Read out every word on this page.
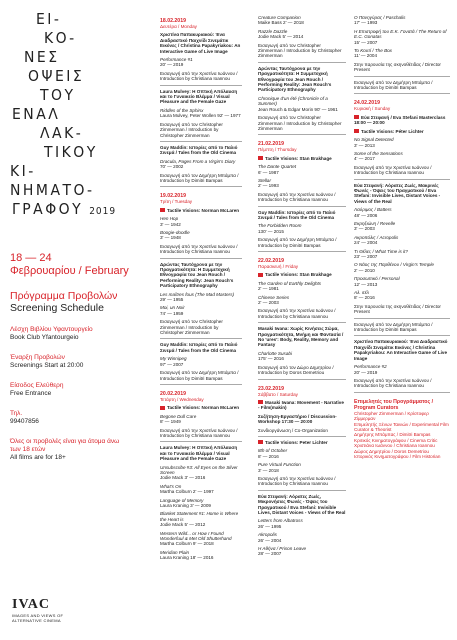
ΕΙ-
ΚΟ-
ΝΕΣ
ΟΨΕΙΣ
ΤΟΥ
ΕΝΑΛ
ΛΑΚ-
ΤΙΚΟΥ
ΚΙ-
ΝΗΜΑΤΟ-
ΓΡΑΦΟΥ 2019
18 — 24
Φεβρουαρίου / February
Πρόγραμμα Προβολών
Screening Schedule
Λέσχη Βιβλίου Υφαντουργείο
Book Club Yfantourgeio
Έναρξη Προβολών
Screenings Start at 20:00
Είσοδος Ελεύθερη
Free Entrance
Τηλ.
99407856
Όλες οι προβολές είναι για άτομα άνω των 18 ετών
All films are for 18+
IVAC
IMAGES AND VIEWS OF ALTERNATIVE CINEMA
18.02.2019
Δευτέρα / Monday
Χριστίνα Παπακυριακού: Ένα Διαδραστικό Παιχνίδι Σινεμάτικ Εικόνες / Christina Papakyriakou: An Interactive Game of Live Image
Performance #1
20' — 2019
Εισαγωγή από την Χριστίνα Ιωάννου / Introduction by Christiana Ioannou
Laura Mulvey: Η Οπτική Απόλαυση και το Γυναικείο Βλέμμα / Visual Pleasure and the Female Gaze
Riddles of the Sphinx
Laura Mulvey, Peter Wollen 92' — 1977
Εισαγωγή από τον Christopher Zimmerman / Introduction by Christopher Zimmerman
Guy Maddin: Ιστορίες από το Παλιό Σινεμά / Tales from the Old Cinema
Dracula, Pages From a Virgin's Diary
70' — 2002
Εισαγωγή από τον Δημήτρη Μπάμπα / Introduction by Dimitri Bampas
19.02.2019
Τρίτη / Tuesday
Tactile Visions: Norman McLaren
Hen Hop
3' — 1942
Boogie-doodle
3' — 1948
Εισαγωγή από την Χριστίνα Ιωάννου / Introduction by Christiana Ioannou
Δρώντας Ταυτόχρονα με την Πραγματικότητα: Η Συμμετοχική Εθνογραφία του Jean Rouch / Performing Reality: Jean Rouch's Participatory Ethnography
Les maîtres fous (The Mad Masters)
29' — 1955
Moi, un Noir
74' — 1959
Εισαγωγή από τον Christopher Zimmerman / Introduction by Christopher Zimmerman
Guy Maddin: Ιστορίες από το Παλιό Σινεμά / Tales from the Old Cinema
My Winnipeg
97' — 2007
Εισαγωγή από τον Δημήτρη Μπάμπα / Introduction by Dimitri Bampas
20.02.2019
Τετάρτη / Wednesday
Tactile Visions: Norman McLaren
Begone Dull Care
8' — 1949
Εισαγωγή από την Χριστίνα Ιωάννου / Introduction by Christiana Ioannou
Laura Mulvey: Η Οπτική Απόλαυση και το Γυναικείο Βλέμμα / Visual Pleasure and the Female Gaze
Unsubscribe #3: All Eyes on the Silver Screen
Jodie Mack 3' — 2016
What's On
Martha Colburn 2' — 1997
Language of Memory
Laura Kraning 3' — 2009
Blanket Statement #1: Home is Where the Heart is
Jodie Mack 5' — 2012
Western Wild... or How I Found Wonderfuul & Met Old Shutterhand
Martha Colburn 9' — 2018
Meridian Plain
Laura Kraning 18' — 2016
Creature Companion
Maike Bass 2' — 2018
Razzle Dazzle
Jodie Mack 5' — 2014
Εισαγωγή από τον Christopher Zimmerman / Introduction by Christopher Zimmerman
Δρώντας Ταυτόχρονα με την Πραγματικότητα: Η Συμμετοχική Εθνογραφία του Jean Rouch / Performing Reality: Jean Rouch's Participatory Ethnography
Chronique d'un été (Chronicle of a Summer)
Jean Rouch & Edgar Morin 90' — 1961
Εισαγωγή από τον Christopher Zimmerman / Introduction by Christopher Zimmerman
21.02.2019
Πέμπτη / Thursday
Tactile Visions: Stan Brakhage
The Dante Quartet
6' — 1987
Stellar
2' — 1993
Εισαγωγή από την Χριστίνα Ιωάννου / Introduction by Christiana Ioannou
Guy Maddin: Ιστορίες από το Παλιό Σινεμά / Tales from the Old Cinema
The Forbidden Room
130' — 2015
Εισαγωγή από τον Δημήτρη Μπάμπα / Introduction by Dimitri Bampas
22.02.2019
Παρασκευή / Friday
Tactile Visions: Stan Brakhage
The Garden of Earthly Delights
2' — 1981
Chinese Series
2' — 2003
Εισαγωγή από την Χριστίνα Ιωάννου / Introduction by Christiana Ioannou
Masaki Iwana: Χωρίς Κινήσεις Σώμα, Πραγματικότητα, Μνήμη και Φαντασία / No 'ures': Body, Reality, Memory and Fantasy
Charlotte Susabi
175' — 2016
Εισαγωγή από τον Δώρο Δημητρίου / Introduction by Doros Demetriou
23.02.2019
Σάββατο / Saturday
Masaki Iwana: Movement - Narrative - Film(makin)
Συζήτηση-Εργαστήριο / Discussion-Workshop 17:30 — 20:00
Συνδιοργάνωση / Co-Organization
Tactile Visions: Peter Lichter
8th of October
8' — 2016
Pure Virtual Function
3' — 2018
Εισαγωγή από την Χριστίνα Ιωάννου / Introduction by Christiana Ioannou
Εύα Στεφανή: Αόρατες Ζωές, Μικρονήσιες Φωνές - Όψεις του Πραγματικού / Eva Stefani: Invisible Lives, Distant Voices - Views of the Real
Letters from Albatross
26' — 1995
Akropolis
26' — 2004
Η Αθήνα / Prison Leave
28' — 2007
Ο Πανηγύρας / Paschalis
17' — 1993
Η Επιστροφή του Ε.Κ. Γονατά / The Return of E.C. Gonatas
15' — 2007
Το Κουτί / The Box
11' — 2004
Στην παρουσία της σκηνοθέτιδας / Director Present
Εισαγωγή από τον Δημήτρη Μπάμπα / Introduction by Dimitri Bampas
24.02.2019
Κυριακή / Sunday
Εύα Στεφανή / Eva Stefani Masterclass 18:00 — 20:00
Tactile Visions: Péter Lichter
No Signal Detected
3' — 2013
Some of the Sensations
4' — 2017
Εισαγωγή από την Χριστίνα Ιωάννου / Introduction by Christiana Ioannou
Εύα Στεφανή: Αόρατες Ζωές, Μακρινές Φωνές - Όψεις του Πραγματικού / Eva Stefani: Invisible Lives, Distant Voices - Views of the Real
Λαύριμος / Batters
48' — 2006
Εκρηξιώνη / Revelle
3' — 2003
Ακροπόλις / Acropolis
24' — 2004
Τι Θέλει; / What Time is it?
23' — 2007
Ο Νάος της Παρθένου / Virgin's Temple
2' — 2010
Προσωπικό / Personal
12' — 2013
Αλ. ιτέλ
8' — 2016
Στην παρουσία της σκηνοθέτιδας / Director Present
Εισαγωγή από τον Δημήτρη Μπάμπα / Introduction by Dimitri Bampas
Χριστίνα Παπακυριακού: Ένα Διαδραστικό Παιχνίδι Σινεμάτικ Εικόνες / Christina Papakyriakou: An Interactive Game of Live Image
Performance #2
20' — 2019
Εισαγωγή από την Χριστίνα Ιωάννου / Introduction by Christiana Ioannou
Επιμελητές του Προγράμματος / Program Curators
Christopher Zimmerman / Κρίστοφερ Ζίμμερμαν
Επιμελητής Ξένων Ταινιών / Experimental Film Curator & Theorist
Δημήτρης Μπάμπας / Dimitri Bampas
Κριτικός Κινηματογράφου / Cinema Critic
Χριστιάνα Ιωάννου / Christiana Ioannou
Δώρος Δημητρίου / Doros Demetriou
Ιστορικός Κινηματογράφου / Film Historian
